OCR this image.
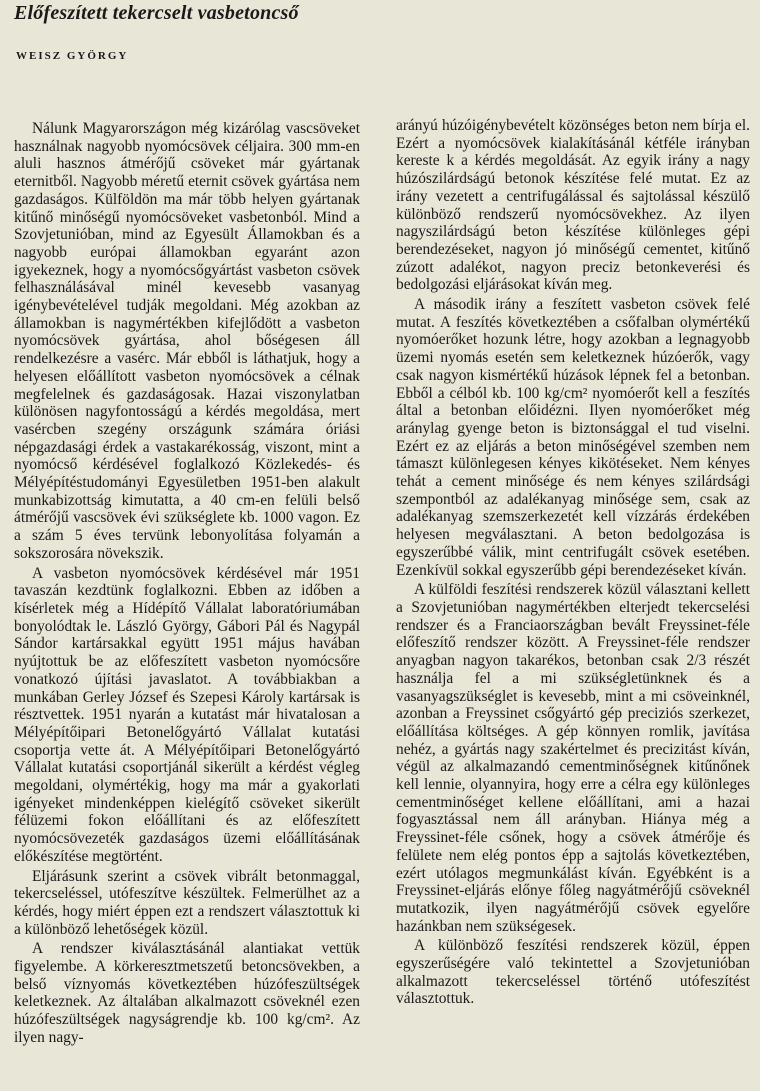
Előfeszített tekercselt vasbetoncső
WEISZ GYÖRGY

Nálunk Magyarországon még kizárólag vascsöveket használnak nagyobb nyomócsövek céljaira. 300 mm-en aluli hasznos átmérőjű csöveket már gyártanak eternitből. Nagyobb méretű eternit csövek gyártása nem gazdaságos. Külföldön ma már több helyen gyártanak kitűnő minőségű nyomócsöveket vasbetonból. Mind a Szovjetunióban, mind az Egyesült Államokban és a nagyobb európai államokban egyaránt azon igyekeznek, hogy a nyomócsőgyártást vasbeton csövek felhasználásával minél kevesebb vasanyag igénybevételével tudják megoldani. Még azokban az államokban is nagymértékben kifejlődött a vasbeton nyomócsövek gyártása, ahol bőségesen áll rendelkezésre a vasérc. Már ebből is láthatjuk, hogy a helyesen előállított vasbeton nyomócsövek a célnak megfelelnek és gazdaságosak. Hazai viszonylatban különösen nagyfontosságú a kérdés megoldása, mert vasércben szegény országunk számára óriási népgazdasági érdek a vastakarékosság, viszont, mint a nyomócső kérdésével foglalkozó Közlekedés- és Mélyépítéstudományi Egyesületben 1951-ben alakult munkabizottság kimutatta, a 40 cm-en felüli belső átmérőjű vascsövek évi szükséglete kb. 1000 vagon. Ez a szám 5 éves tervünk lebonyolítása folyamán a sokszorosára növekszik.

A vasbeton nyomócsövek kérdésével már 1951 tavaszán kezdtünk foglalkozni. Ebben az időben a kísérletek még a Hídépítő Vállalat laboratóriumában bonyolódtak le. László György, Gábori Pál és Nagypál Sándor kartársakkal együtt 1951 május havában nyújtottuk be az előfeszített vasbeton nyomócsőre vonatkozó újítási javaslatot. A továbbiakban a munkában Gerley József és Szepesi Károly kartársak is résztvettek. 1951 nyarán a kutatást már hivatalosan a Mélyépítőipari Betonelőgyártó Vállalat kutatási csoportja vette át. A Mélyépítőipari Betonelőgyártó Vállalat kutatási csoportjánál sikerült a kérdést végleg megoldani, olymértékig, hogy ma már a gyakorlati igényeket mindenképpen kielégítő csöveket sikerült félüzemi fokon előállítani és az előfeszített nyomócsövezeték gazdaságos üzemi előállításának előkészítése megtörtént.

Eljárásunk szerint a csövek vibrált betonmaggal, tekercseléssel, utófeszítve készültek. Felmerülhet az a kérdés, hogy miért éppen ezt a rendszert választottuk ki a különböző lehetőségek közül.

A rendszer kiválasztásánál alantiakat vettük figyelembe. A körkeresztmetszetű betoncsövekben, a belső víznyomás következtében húzófeszültségek keletkeznek. Az általában alkalmazott csöveknél ezen húzófeszültségek nagyságrendje kb. 100 kg/cm². Az ilyen nagy-

arányú húzóigénybevételt közönséges beton nem bírja el. Ezért a nyomócsövek kialakításánál kétféle irányban kereste k a kérdés megoldását. Az egyik irány a nagy húzószilárdságú betonok készítése felé mutat. Ez az irány vezetett a centrifugálással és sajtolással készülő különböző rendszerű nyomócsövekhez. Az ilyen nagyszilárdságú beton készítése különleges gépi berendezéseket, nagyon jó minőségű cementet, kitűnő zúzott adalékot, nagyon preciz betonkeverési és bedolgozási eljárásokat kíván meg.

A második irány a feszített vasbeton csövek felé mutat. A feszítés következtében a csőfalban olymértékű nyomóerőket hozunk létre, hogy azokban a legnagyobb üzemi nyomás esetén sem keletkeznek húzóerők, vagy csak nagyon kismértékű húzások lépnek fel a betonban. Ebből a célból kb. 100 kg/cm² nyomóerőt kell a feszítés által a betonban előidézni. Ilyen nyomóerőket még aránylag gyenge beton is biztonsággal el tud viselni. Ezért ez az eljárás a beton minőségével szemben nem támaszt különlegesen kényes kikötéseket. Nem kényes tehát a cement minősége és nem kényes szilárdsági szempontból az adalékanyag minősége sem, csak az adalékanyag szemszerkezetét kell vízzárás érdekében helyesen megválasztani. A beton bedolgozása is egyszerűbbé válik, mint centrifugált csövek esetében. Ezenkívül sokkal egyszerűbb gépi berendezéseket kíván.

A külföldi feszítési rendszerek közül választani kellett a Szovjetunióban nagymértékben elterjedt tekercselési rendszer és a Franciaországban bevált Freyssinet-féle előfeszítő rendszer között. A Freyssinet-féle rendszer anyagban nagyon takarékos, betonban csak 2/3 részét használja fel a mi szükségletünknek és a vasanyagszükséglet is kevesebb, mint a mi csöveinknél, azonban a Freyssinet csőgyártó gép preciziós szerkezet, előállítása költséges. A gép könnyen romlik, javítása nehéz, a gyártás nagy szakértelmet és precizitást kíván, végül az alkalmazandó cementminőségnek kitűnőnek kell lennie, olyannyira, hogy erre a célra egy különleges cementminőséget kellene előállítani, ami a hazai fogyasztással nem áll arányban. Hiánya még a Freyssinet-féle csőnek, hogy a csövek átmérője és felülete nem elég pontos épp a sajtolás következtében, ezért utólagos megmunkálást kíván. Egyébként is a Freyssinet-eljárás előnye főleg nagyátmérőjű csöveknél mutatkozik, ilyen nagyátmérőjű csövek egyelőre hazánkban nem szükségesek.

A különböző feszítési rendszerek közül, éppen egyszerűségére való tekintettel a Szovjetunióban alkalmazott tekercseléssel történő utófeszítést választottuk.
